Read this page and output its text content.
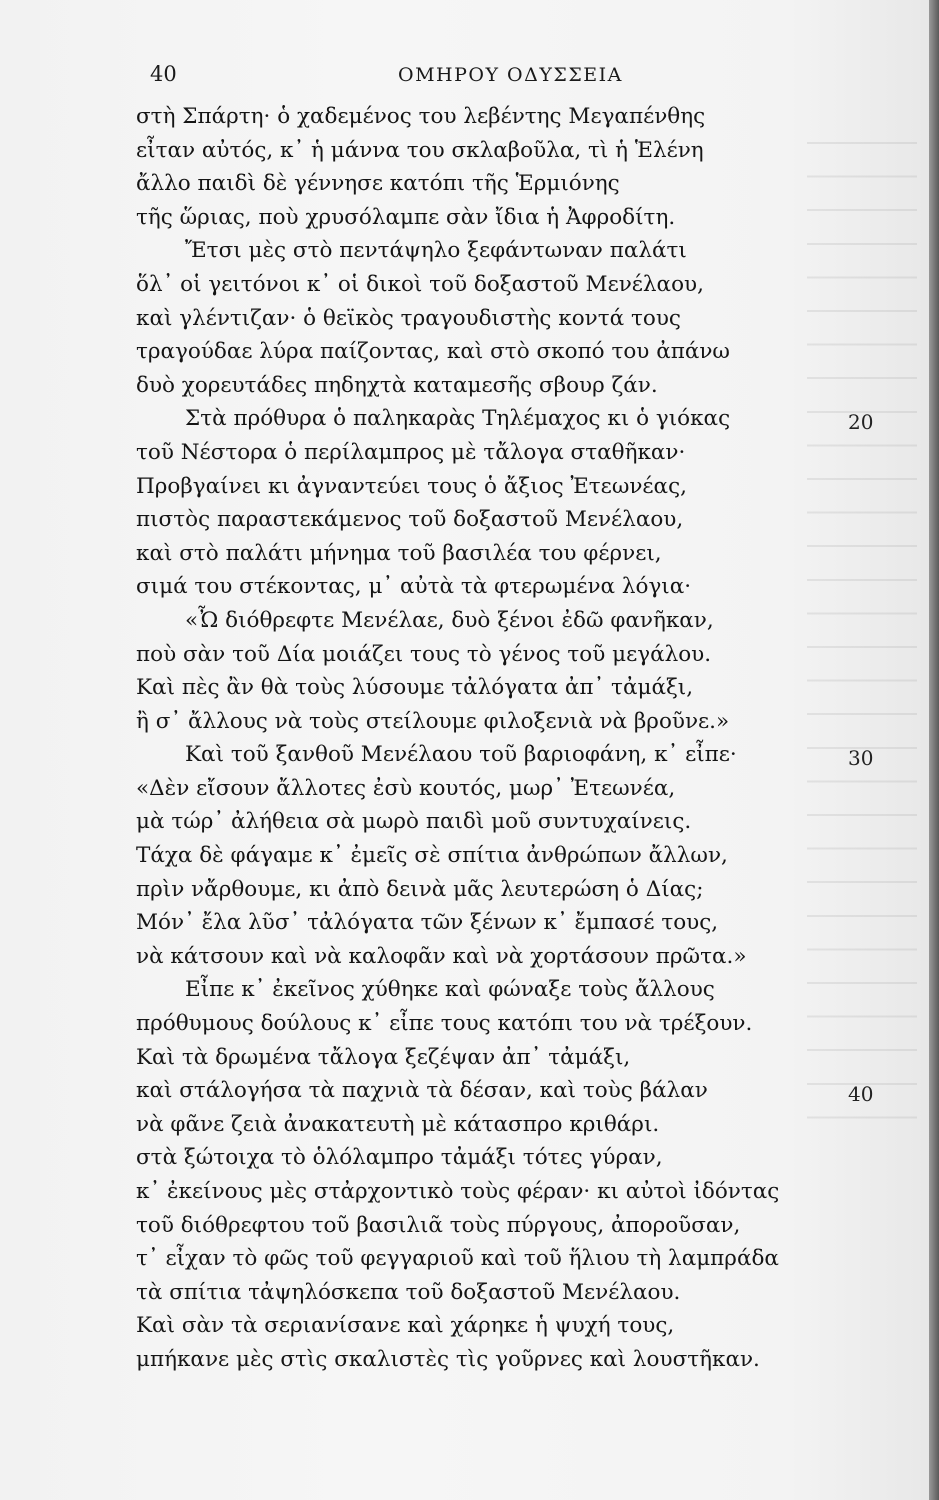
40	ΟΜΗΡΟΥ ΟΔΥΣΣΕΙΑ
στὴ Σπάρτη· ὁ χαδεμένος του λεβέντης Μεγαπένθης
εἶταν αὐτός, κ᾽ ἡ μάννα του σκλαβοῦλα, τὶ ἡ Ἑλένη
ἄλλο παιδὶ δὲ γέννησε κατόπι τῆς Ἑρμιόνης
τῆς ὥριας, ποὺ χρυσόλαμπε σὰν ἴδια ἡ Ἀφροδίτη.
Ἔτσι μὲς στὸ πεντάψηλο ξεφάντωναν παλάτι
ὅλ᾽ οἱ γειτόνοι κ᾽ οἱ δικοὶ τοῦ δοξαστοῦ Μενέλαου,
καὶ γλέντιζαν· ὁ θεϊκὸς τραγουδιστὴς κοντά τους
τραγούδαε λύρα παίζοντας, καὶ στὸ σκοπό του ἀπάνω
δυὸ χορευτάδες πηδηχτὰ καταμεσῆς σβουρ ζάν.
Στὰ πρόθυρα ὁ παληκαρὰς Τηλέμαχος κι ὁ γιόκας	20
τοῦ Νέστορα ὁ περίλαμπρος μὲ τἄλογα σταθῆκαν·
Προβγαίνει κι ἀγναντεύει τους ὁ ἄξιος Ἐτεωνέας,
πιστὸς παραστεκάμενος τοῦ δοξαστοῦ Μενέλαου,
καὶ στὸ παλάτι μήνημα τοῦ βασιλέα του φέρνει,
σιμά του στέκοντας, μ᾽ αὐτὰ τὰ φτερωμένα λόγια·
«Ὦ διόθρεφτε Μενέλαε, δυὸ ξένοι ἐδῶ φανῆκαν,
ποὺ σὰν τοῦ Δία μοιάζει τους τὸ γένος τοῦ μεγάλου.
Καὶ πὲς ἂν θὰ τοὺς λύσουμε τἀλόγατα ἀπ᾽ τἀμάξι,
ἢ σ᾽ ἄλλους νὰ τοὺς στείλουμε φιλοξενιὰ νὰ βροῦνε.»
Καὶ τοῦ ξανθοῦ Μενέλαου τοῦ βαριοφάνη, κ᾽ εἶπε·	30
«Δὲν εἴσουν ἄλλοτες ἐσὺ κουτός, μωρ᾽ Ἐτεωνέα,
μὰ τώρ᾽ ἀλήθεια σὰ μωρὸ παιδὶ μοῦ συντυχαίνεις.
Τάχα δὲ φάγαμε κ᾽ ἐμεῖς σὲ σπίτια ἀνθρώπων ἄλλων,
πρὶν νἄρθουμε, κι ἀπὸ δεινὰ μᾶς λευτερώση ὁ Δίας;
Μόν᾽ ἔλα λῦσ᾽ τἀλόγατα τῶν ξένων κ᾽ ἔμπασέ τους,
νὰ κάτσουν καὶ νὰ καλοφᾶν καὶ νὰ χορτάσουν πρῶτα.»
Εἶπε κ᾽ ἐκεῖνος χύθηκε καὶ φώναξε τοὺς ἄλλους
πρόθυμους δούλους κ᾽ εἶπε τους κατόπι του νὰ τρέξουν.
Καὶ τὰ δρωμένα τἄλογα ξεζέψαν ἀπ᾽ τἀμάξι,
καὶ στάλογήσα τὰ παχνιὰ τὰ δέσαν, καὶ τοὺς βάλαν	40
νὰ φᾶνε ζειὰ ἀνακατευτὴ μὲ κάτασπρο κριθάρι.
στὰ ξώτοιχα τὸ ὁλόλαμπρο τἀμάξι τότες γύραν,
κ᾽ ἐκείνους μὲς στἀρχοντικὸ τοὺς φέραν· κι αὐτοὶ ἰδόντας
τοῦ διόθρεφτου τοῦ βασιλιᾶ τοὺς πύργους, ἀποροῦσαν,
τ᾽ εἶχαν τὸ φῶς τοῦ φεγγαριοῦ καὶ τοῦ ἥλιου τὴ λαμπράδα
τὰ σπίτια τἀψηλόσκεπα τοῦ δοξαστοῦ Μενέλαου.
Καὶ σὰν τὰ σεριανίσανε καὶ χάρηκε ἡ ψυχή τους,
μπήκανε μὲς στὶς σκαλιστὲς τὶς γοῦρνες καὶ λουστῆκαν.
